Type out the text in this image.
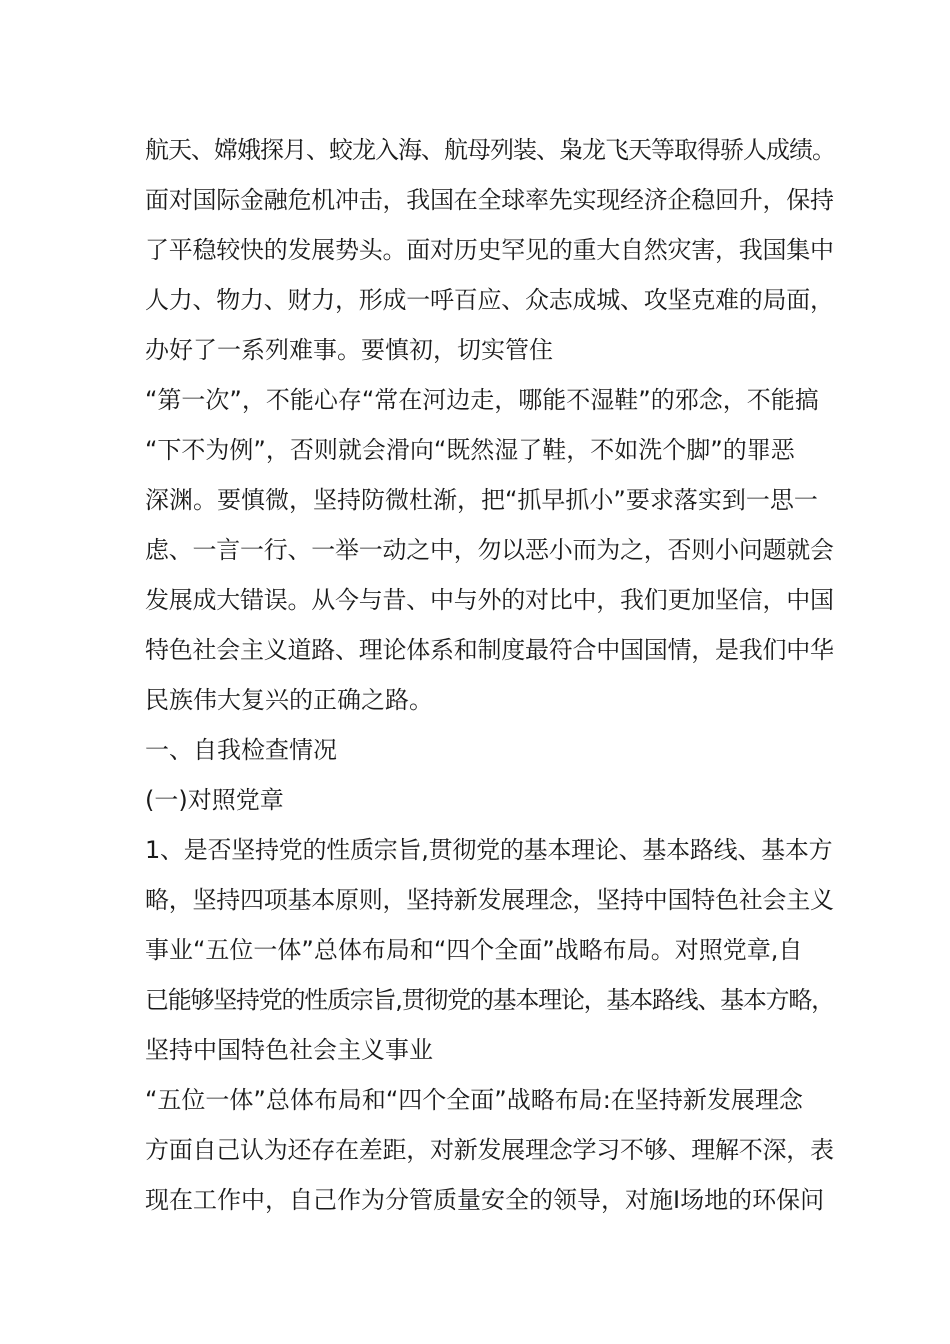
航天、嫦娥探月、蛟龙入海、航母列装、枭龙飞天等取得骄人成绩。
面对国际金融危机冲击，我国在全球率先实现经济企稳回升，保持
了平稳较快的发展势头。面对历史罕见的重大自然灾害，我国集中
人力、物力、财力，形成一呼百应、众志成城、攻坚克难的局面，
办好了一系列难事。要慎初，切实管住
“第一次”，不能心存“常在河边走，哪能不湿鞋”的邪念，不能搞
“下不为例”，否则就会滑向“既然湿了鞋，不如洗个脚”的罪恶
深渊。要慎微，坚持防微杜渐，把“抓早抓小”要求落实到一思一
虑、一言一行、一举一动之中，勿以恶小而为之，否则小问题就会
发展成大错误。从今与昔、中与外的对比中，我们更加坚信，中国
特色社会主义道路、理论体系和制度最符合中国国情，是我们中华
民族伟大复兴的正确之路。
一、自我检查情况
(一)对照党章
1、是否坚持党的性质宗旨,贯彻党的基本理论、基本路线、基本方
略，坚持四项基本原则，坚持新发展理念，坚持中国特色社会主义
事业“五位一体”总体布局和“四个全面”战略布局。对照党章,自
已能够坚持党的性质宗旨,贯彻党的基本理论，基本路线、基本方略，
坚持中国特色社会主义事业
“五位一体”总体布局和“四个全面”战略布局:在坚持新发展理念
方面自己认为还存在差距，对新发展理念学习不够、理解不深，表
现在工作中，自己作为分管质量安全的领导，对施Ⅰ场地的环保问
